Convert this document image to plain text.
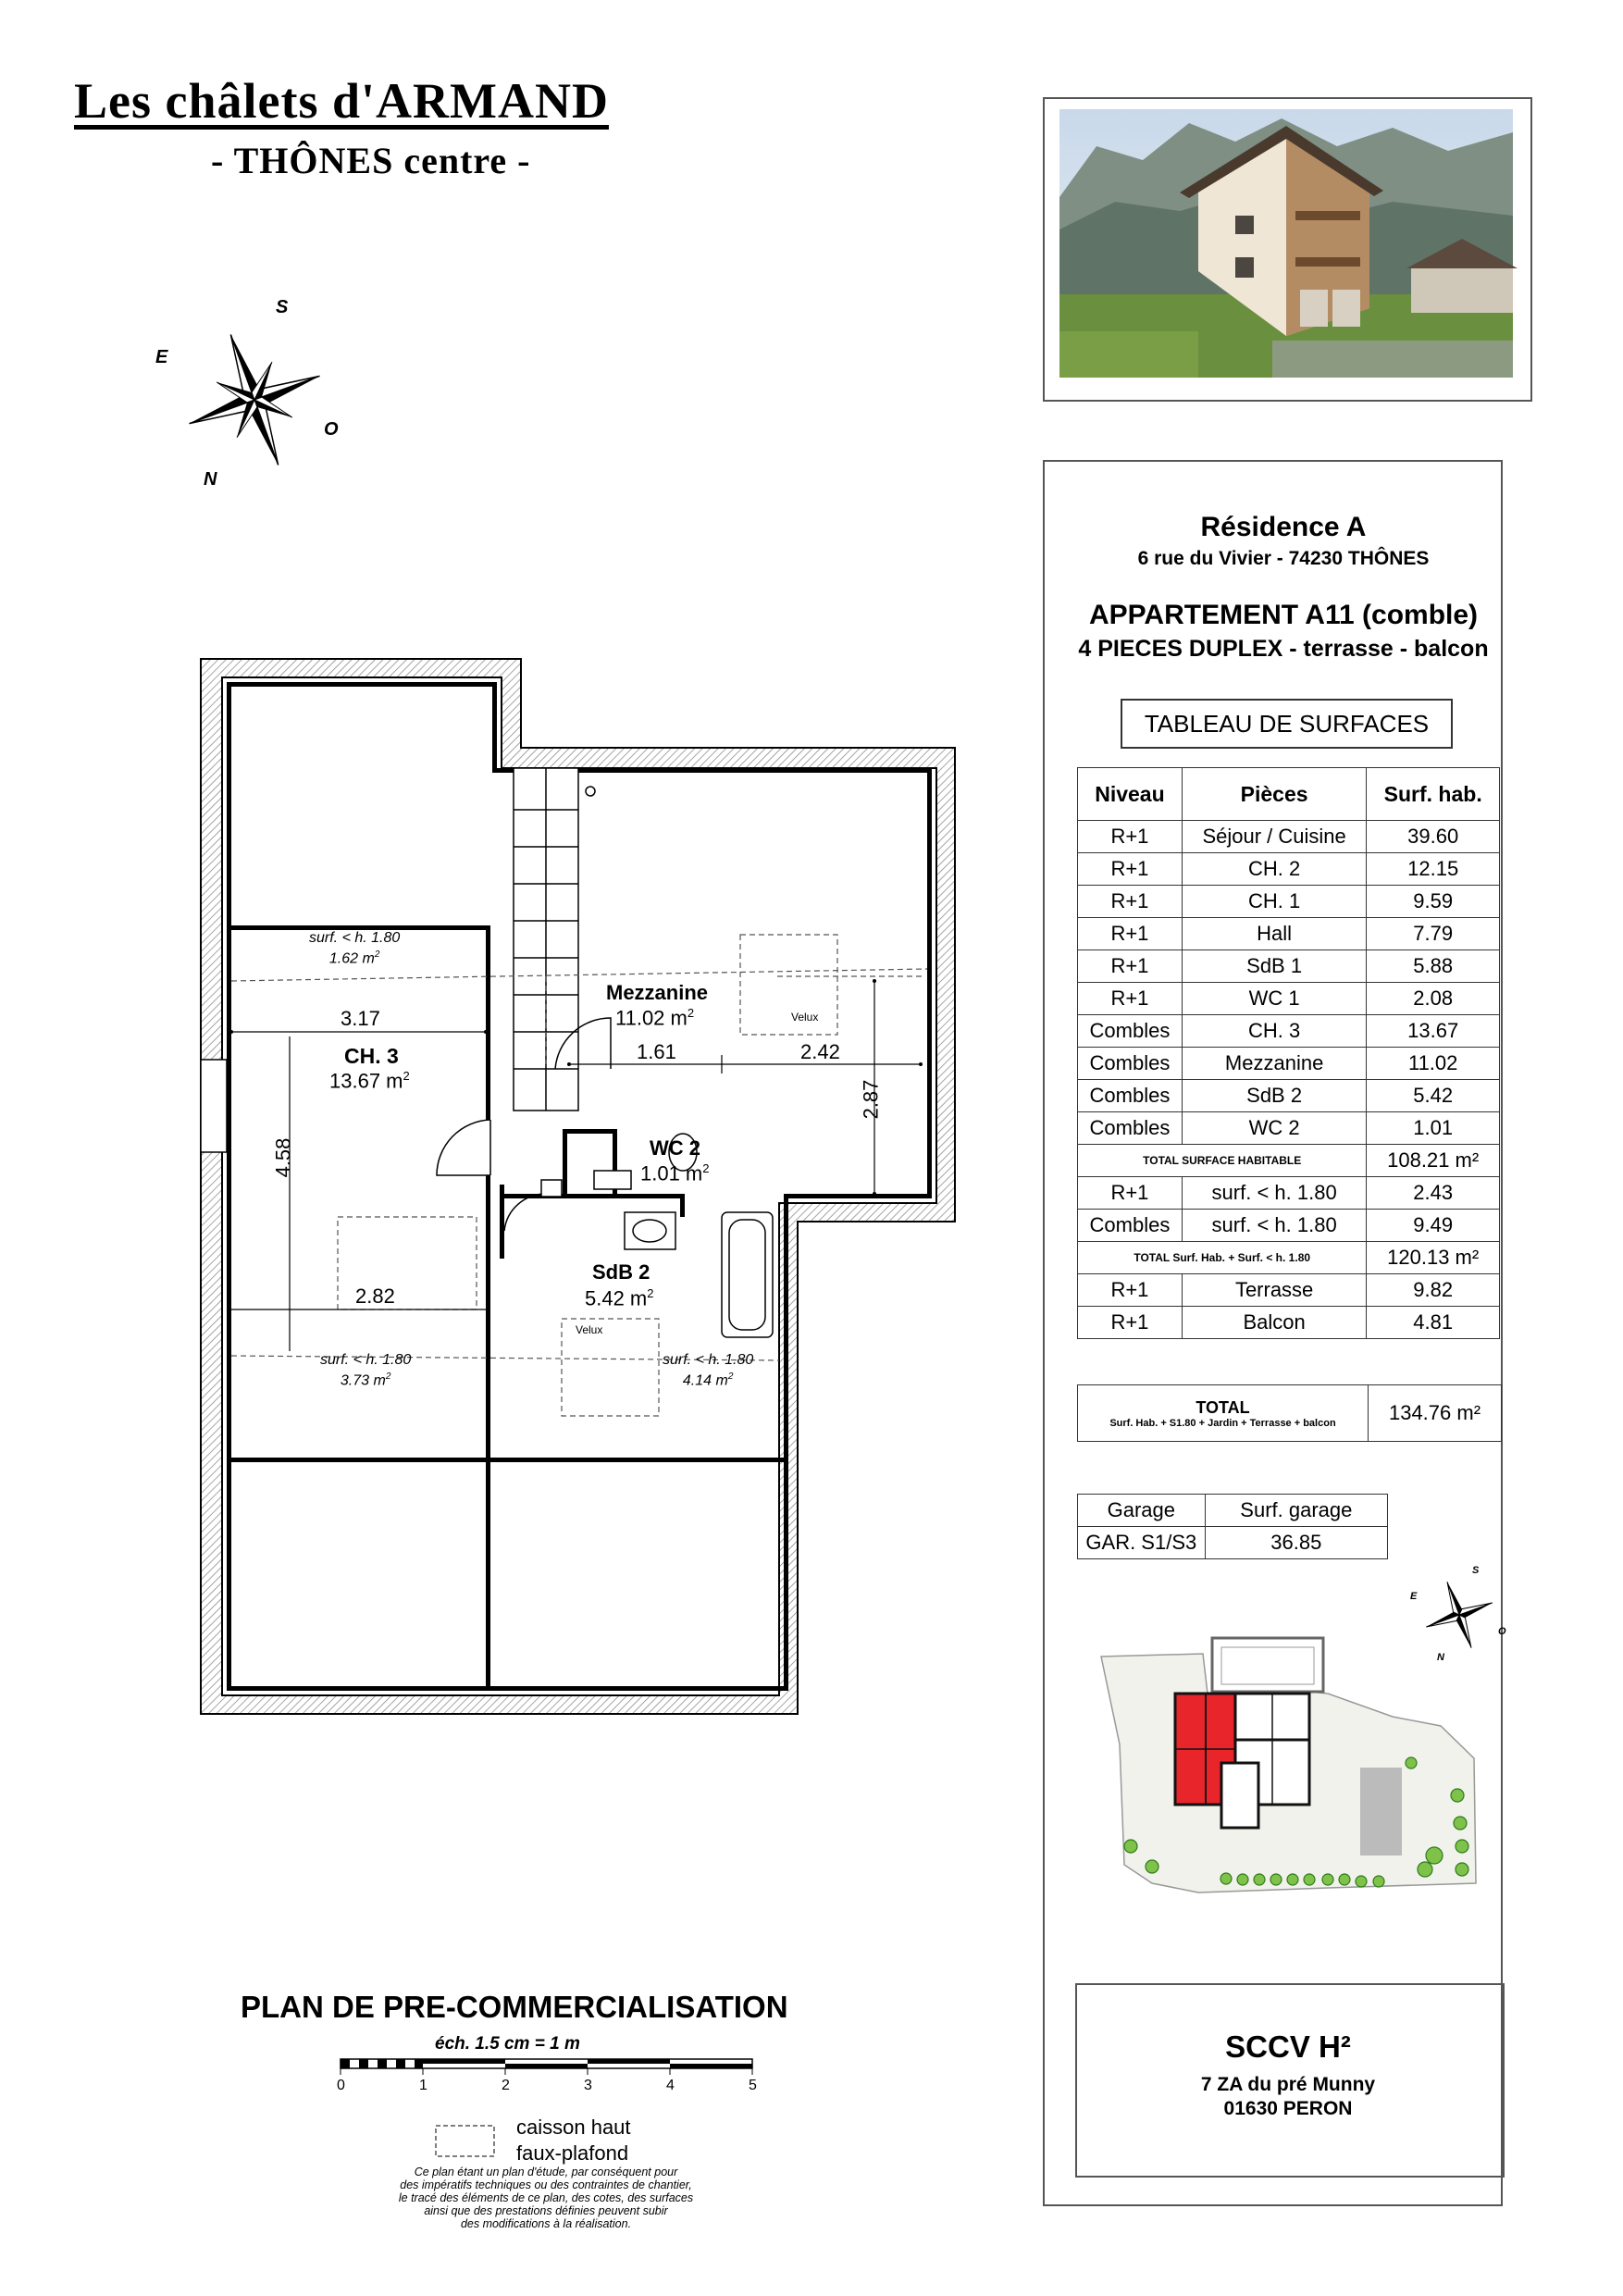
Les châlets d'ARMAND
- THÔNES centre -
S
E
O
N
Résidence A
6 rue du Vivier - 74230 THÔNES
APPARTEMENT A11 (comble)
4 PIECES DUPLEX - terrasse - balcon
TABLEAU DE SURFACES
Niveau	Pièces	Surf. hab.
R+1	Séjour / Cuisine	39.60
R+1	CH. 2	12.15
R+1	CH. 1	9.59
R+1	Hall	7.79
R+1	SdB 1	5.88
R+1	WC 1	2.08
Combles	CH. 3	13.67
Combles	Mezzanine	11.02
Combles	SdB 2	5.42
Combles	WC 2	1.01
TOTAL SURFACE HABITABLE		108.21 m²
R+1	surf. < h. 1.80	2.43
Combles	surf. < h. 1.80	9.49
TOTAL Surf. Hab. + Surf. < h. 1.80		120.13 m²
R+1	Terrasse	9.82
R+1	Balcon	4.81
TOTAL
Surf. Hab. + S1.80 + Jardin + Terrasse + balcon	134.76 m²
Garage	Surf. garage
GAR. S1/S3	36.85
S
E
O
N
Mezzanine
11.02 $m^2$
CH. 3
13.67 $m^2$
WC 2
1.01 $m^2$
SdB 2
5.42 $m^2$
3.17
1.61	2.42
2.87
4.58
2.82
surf. < h. 1.80
1.62 $m^2$
surf. < h. 1.80
3.73 $m^2$
surf. < h. 1.80
4.14 $m^2$
Velux
Velux
PLAN DE PRE-COMMERCIALISATION
éch. 1.5 cm = 1 m
0	1	2	3	4	5
caisson haut
faux-plafond
Ce plan étant un plan d'étude, par conséquent pour
des impératifs techniques ou des contraintes de chantier,
le tracé des éléments de ce plan, des cotes, des surfaces
ainsi que des prestations définies peuvent subir
des modifications à la réalisation.
SCCV H²
7 ZA du pré Munny
01630 PERON
